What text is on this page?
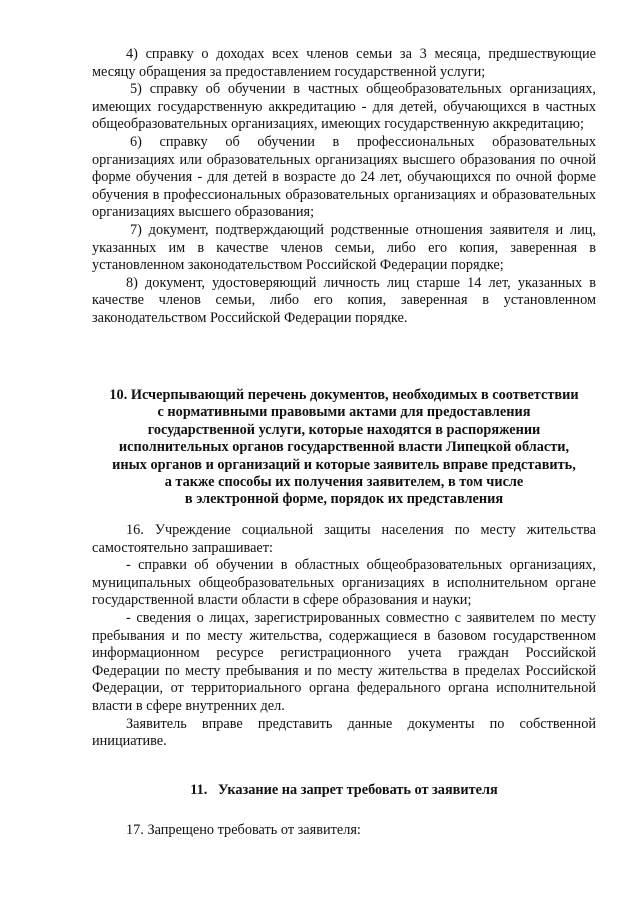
4) справку о доходах всех членов семьи за 3 месяца, предшествующие месяцу обращения за предоставлением государственной услуги;

5) справку об обучении в частных общеобразовательных организациях, имеющих государственную аккредитацию - для детей, обучающихся в частных общеобразовательных организациях, имеющих государственную аккредитацию;

6) справку об обучении в профессиональных образовательных организациях или образовательных организациях высшего образования по очной форме обучения - для детей в возрасте до 24 лет, обучающихся по очной форме обучения в профессиональных образовательных организациях и образовательных организациях высшего образования;

7) документ, подтверждающий родственные отношения заявителя и лиц, указанных им в качестве членов семьи, либо его копия, заверенная в установленном законодательством Российской Федерации порядке;

8) документ, удостоверяющий личность лиц старше 14 лет, указанных в качестве членов семьи, либо его копия, заверенная в установленном законодательством Российской Федерации порядке.

10. Исчерпывающий перечень документов, необходимых в соответствии
с нормативными правовыми актами для предоставления
государственной услуги, которые находятся в распоряжении
исполнительных органов государственной власти Липецкой области,
иных органов и организаций и которые заявитель вправе представить,
а также способы их получения заявителем, в том числе
в электронной форме, порядок их представления

16. Учреждение социальной защиты населения по месту жительства самостоятельно запрашивает:

- справки об обучении в областных общеобразовательных организациях, муниципальных общеобразовательных организациях в исполнительном органе государственной власти области в сфере образования и науки;

- сведения о лицах, зарегистрированных совместно с заявителем по месту пребывания и по месту жительства, содержащиеся в базовом государственном информационном ресурсе регистрационного учета граждан Российской Федерации по месту пребывания и по месту жительства в пределах Российской Федерации, от территориального органа федерального органа исполнительной власти в сфере внутренних дел.

Заявитель вправе представить данные документы по собственной инициативе.

11.   Указание на запрет требовать от заявителя

17. Запрещено требовать от заявителя:
